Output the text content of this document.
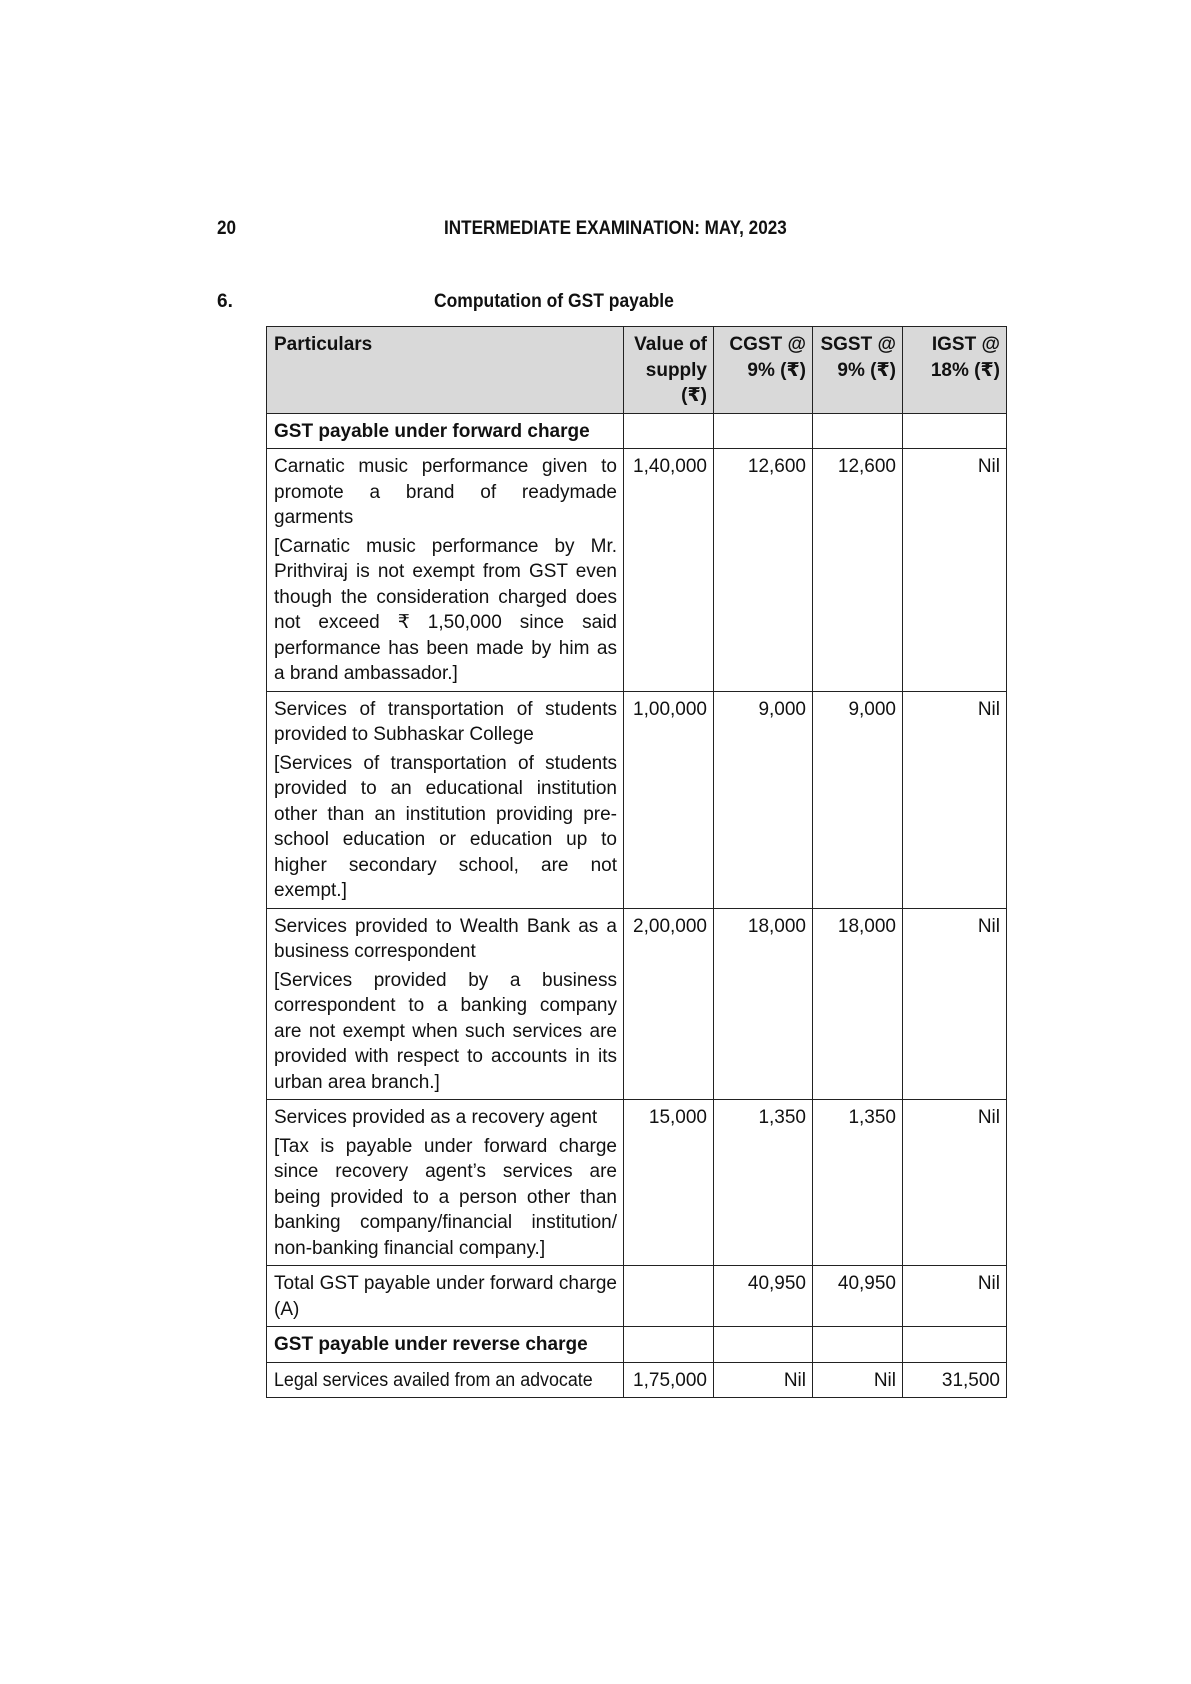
20	INTERMEDIATE EXAMINATION: MAY, 2023
6.	Computation of GST payable
Particulars	Value of supply (₹)	CGST @ 9% (₹)	SGST @ 9% (₹)	IGST @ 18% (₹)
GST payable under forward charge				

Carnatic music performance given to promote a brand of readymade garments
[Carnatic music performance by Mr. Prithviraj is not exempt from GST even though the consideration charged does not exceed ₹ 1,50,000 since said performance has been made by him as a brand ambassador.]	1,40,000	12,600	12,600	Nil

Services of transportation of students provided to Subhaskar College
[Services of transportation of students provided to an educational institution other than an institution providing pre-school education or education up to higher secondary school, are not exempt.]	1,00,000	9,000	9,000	Nil

Services provided to Wealth Bank as a business correspondent
[Services provided by a business correspondent to a banking company are not exempt when such services are provided with respect to accounts in its urban area branch.]	2,00,000	18,000	18,000	Nil

Services provided as a recovery agent
[Tax is payable under forward charge since recovery agent’s services are being provided to a person other than banking company/financial institution/ non-banking financial company.]	15,000	1,350	1,350	Nil

Total GST payable under forward charge (A)		40,950	40,950	Nil
GST payable under reverse charge				
Legal services availed from an advocate	1,75,000	Nil	Nil	31,500
